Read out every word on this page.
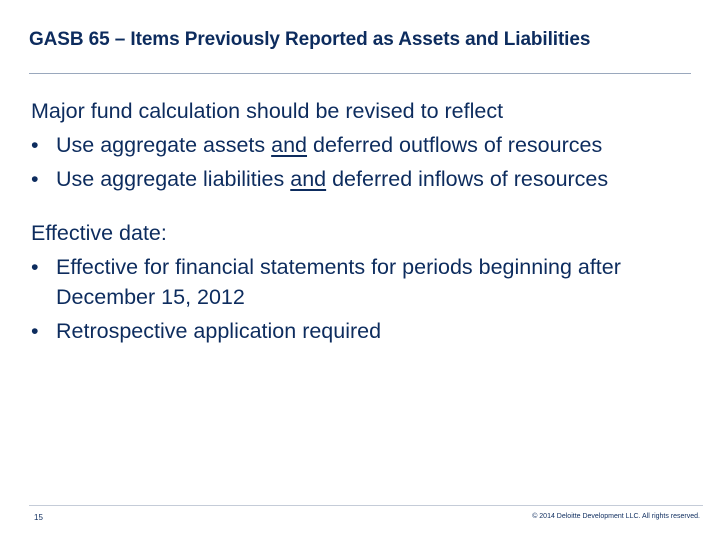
GASB 65 – Items Previously Reported as Assets and Liabilities
Major fund calculation should be revised to reflect
• Use aggregate assets and deferred outflows of resources
• Use aggregate liabilities and deferred inflows of resources
Effective date:
• Effective for financial statements for periods beginning after December 15, 2012
• Retrospective application required
15	© 2014 Deloitte Development LLC. All rights reserved.
